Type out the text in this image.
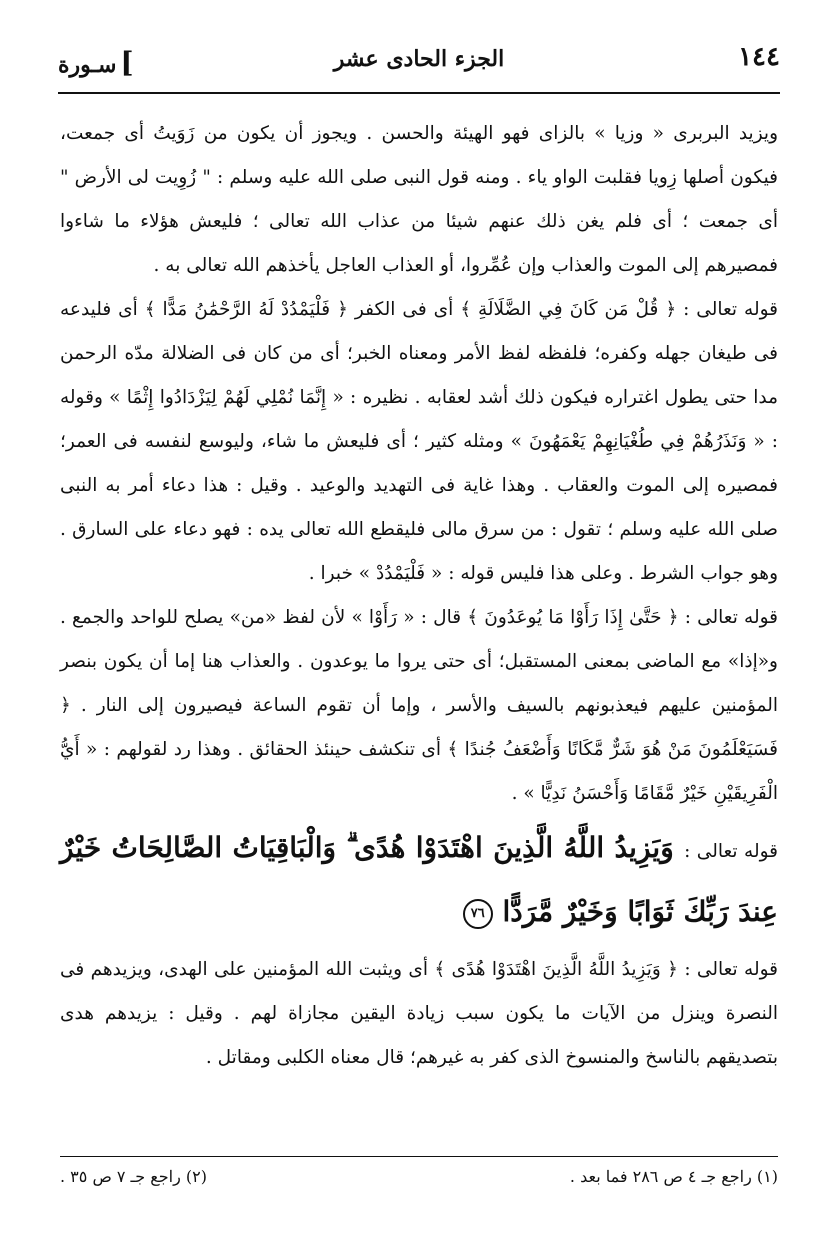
١٤٤
الجزء الحادى عشر
سـورة [

ويزيد البربرى « وزيا » بالزاى فهو الهيئة والحسن . ويجوز أن يكون من زَوَيتُ أى جمعت، فيكون أصلها زِويا فقلبت الواو ياء . ومنه قول النبى صلى الله عليه وسلم : " زُوِيت لى الأرض " أى جمعت ؛ أى فلم يغن ذلك عنهم شيئا من عذاب الله تعالى ؛ فليعش هؤلاء ما شاءوا فمصيرهم إلى الموت والعذاب وإن عُمِّروا، أو العذاب العاجل يأخذهم الله تعالى به .

قوله تعالى : ﴿ قُلْ مَن كَانَ فِي الضَّلَالَةِ ﴾ أى فى الكفر ﴿ فَلْيَمْدُدْ لَهُ الرَّحْمَٰنُ مَدًّا ﴾ أى فليدعه فى طيغان جهله وكفره؛ فلفظه لفظ الأمر ومعناه الخبر؛ أى من كان فى الضلالة مدّه الرحمن مدا حتى يطول اغتراره فيكون ذلك أشد لعقابه . نظيره : « إِنَّمَا نُمْلِي لَهُمْ لِيَزْدَادُوا إِثْمًا » وقوله : « وَنَذَرُهُمْ فِي طُغْيَانِهِمْ يَعْمَهُونَ » ومثله كثير ؛ أى فليعش ما شاء، وليوسع لنفسه فى العمر؛ فمصيره إلى الموت والعقاب . وهذا غاية فى التهديد والوعيد . وقيل : هذا دعاء أمر به النبى صلى الله عليه وسلم ؛ تقول : من سرق مالى فليقطع الله تعالى يده : فهو دعاء على السارق . وهو جواب الشرط . وعلى هذا فليس قوله : « فَلْيَمْدُدْ » خبرا .

قوله تعالى : ﴿ حَتَّىٰ إِذَا رَأَوْا مَا يُوعَدُونَ ﴾ قال : « رَأَوْا » لأن لفظ «من» يصلح للواحد والجمع . و«إذا» مع الماضى بمعنى المستقبل؛ أى حتى يروا ما يوعدون . والعذاب هنا إما أن يكون بنصر المؤمنين عليهم فيعذبونهم بالسيف والأسر ، وإما أن تقوم الساعة فيصيرون إلى النار . ﴿ فَسَيَعْلَمُونَ مَنْ هُوَ شَرٌّ مَّكَانًا وَأَضْعَفُ جُندًا ﴾ أى تنكشف حينئذ الحقائق . وهذا رد لقولهم : « أَيُّ الْفَرِيقَيْنِ خَيْرٌ مَّقَامًا وَأَحْسَنُ نَدِيًّا » .

قوله تعالى : وَيَزِيدُ اللَّهُ الَّذِينَ اهْتَدَوْا هُدًى ۗ وَالْبَاقِيَاتُ الصَّالِحَاتُ خَيْرٌ عِندَ رَبِّكَ ثَوَابًا وَخَيْرٌ مَّرَدًّا ٧٦

قوله تعالى : ﴿ وَيَزِيدُ اللَّهُ الَّذِينَ اهْتَدَوْا هُدًى ﴾ أى ويثبت الله المؤمنين على الهدى، ويزيدهم فى النصرة وينزل من الآيات ما يكون سبب زيادة اليقين مجازاة لهم . وقيل : يزيدهم هدى بتصديقهم بالناسخ والمنسوخ الذى كفر به غيرهم؛ قال معناه الكلبى ومقاتل .

(١) راجع جـ ٤ ص ٢٨٦ فما بعد .
(٢) راجع جـ ٧ ص ٣٥ .
